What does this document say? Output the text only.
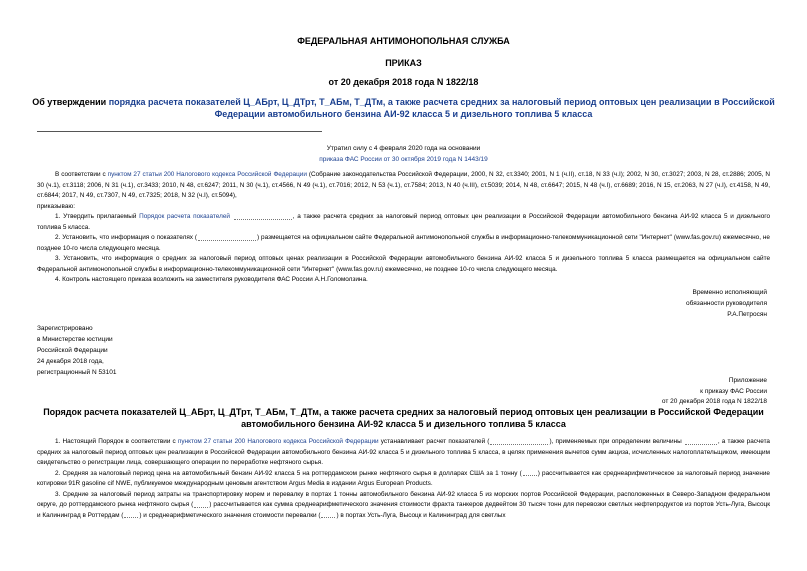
ФЕДЕРАЛЬНАЯ АНТИМОНОПОЛЬНАЯ СЛУЖБА
ПРИКАЗ
от 20 декабря 2018 года N 1822/18
Об утверждении порядка расчета показателей Ц_АБрт, Ц_ДТрт, Т_АБм, Т_ДТм, а также расчета средних за налоговый период оптовых цен реализации в Российской Федерации автомобильного бензина АИ-92 класса 5 и дизельного топлива 5 класса
Утратил силу с 4 февраля 2020 года на основании
приказа ФАС России от 30 октября 2019 года N 1443/19

В соответствии с пунктом 27 статьи 200 Налогового кодекса Российской Федерации (Собрание законодательства Российской Федерации, 2000, N 32, ст.3340; 2001, N 1 (ч.II), ст.18, N 33 (ч.I); 2002, N 30, ст.3027; 2003, N 28, ст.2886; 2005, N 30 (ч.1), ст.3118; 2006, N 31 (ч.1), ст.3433; 2010, N 48, ст.6247; 2011, N 30 (ч.1), ст.4566, N 49 (ч.1), ст.7016; 2012, N 53 (ч.1), ст.7584; 2013, N 40 (ч.III), ст.5039; 2014, N 48, ст.6647; 2015, N 48 (ч.I), ст.6689; 2016, N 15, ст.2063, N 27 (ч.I), ст.4158, N 49, ст.6844; 2017, N 49, ст.7307, N 49, ст.7325; 2018, N 32 (ч.I), ст.5094),

приказываю:

1. Утвердить прилагаемый Порядок расчета показателей	, а также расчета средних за налоговый период оптовых цен реализации в Российской Федерации автомобильного бензина АИ-92 класса 5 и дизельного топлива 5 класса.

2. Установить, что информация о показателях (	) размещается на официальном сайте Федеральной антимонопольной службы в информационно-телекоммуникационной сети "Интернет" (www.fas.gov.ru) ежемесячно, не позднее 10-го числа следующего месяца.

3. Установить, что информация о средних за налоговый период оптовых ценах реализации в Российской Федерации автомобильного бензина АИ-92 класса 5 и дизельного топлива 5 класса размещается на официальном сайте Федеральной антимонопольной службы в информационно-телекоммуникационной сети "Интернет" (www.fas.gov.ru) ежемесячно, не позднее 10-го числа следующего месяца.

4. Контроль настоящего приказа возложить на заместителя руководителя ФАС России А.Н.Голомолзина.

Временно исполняющий
обязанности руководителя
Р.А.Петросян
Зарегистрировано
в Министерстве юстиции
Российской Федерации
24 декабря 2018 года,
регистрационный N 53101
Приложение
к приказу ФАС России
от 20 декабря 2018 года N 1822/18
Порядок расчета показателей Ц_АБрт, Ц_ДТрт, Т_АБм, Т_ДТм, а также расчета средних за налоговый период оптовых цен реализации в Российской Федерации автомобильного бензина АИ-92 класса 5 и дизельного топлива 5 класса

1. Настоящий Порядок в соответствии с пунктом 27 статьи 200 Налогового кодекса Российской Федерации устанавливает расчет показателей (	), применяемых при определении величины	, а также расчета средних за налоговый период оптовых цен реализации в Российской Федерации автомобильного бензина АИ-92 класса 5 и дизельного топлива 5 класса, в целях применения вычетов сумм акциза, исчисленных налогоплательщиком, имеющим свидетельство о регистрации лица, совершающего операции по переработке нефтяного сырья.

2. Средняя за налоговый период цена на автомобильный бензин АИ-92 класса 5 на роттердамском рынке нефтяного сырья в долларах США за 1 тонну (	) рассчитывается как среднеарифметическое за налоговый период значение котировки 91R gasoline cif NWE, публикуемое международным ценовым агентством Argus Media в издании Argus European Products.

3. Средние за налоговый период затраты на транспортировку морем и перевалку в портах 1 тонны автомобильного бензина АИ-92 класса 5 из морских портов Российской Федерации, расположенных в Северо-Западном федеральном округе, до роттердамского рынка нефтяного сырья (	) рассчитывается как сумма среднеарифметического значения стоимости фрахта танкеров дедвейтом 30 тысяч тонн для перевозки светлых нефтепродуктов из портов Усть-Луга, Высоцк и Калининград в Роттердам (	) и среднеарифметического значения стоимости перевалки (	) в портах Усть-Луга, Высоцк и Калининград для светлых
